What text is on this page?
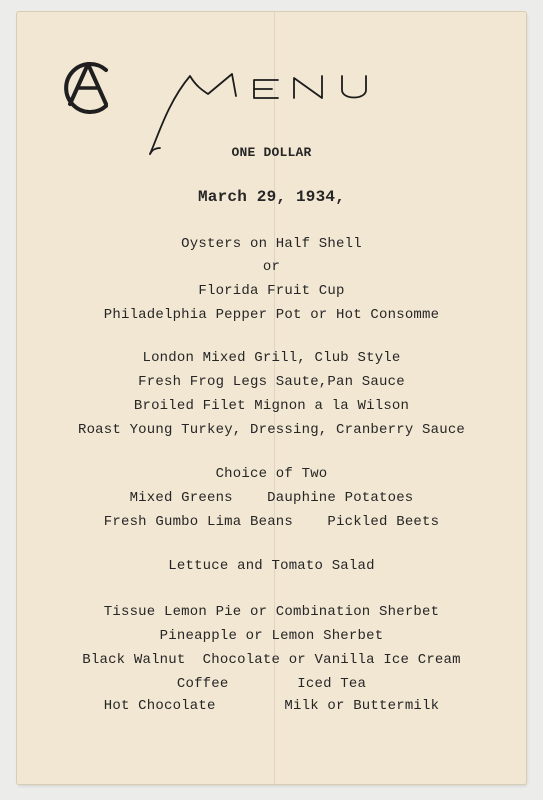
ONE DOLLAR
March 29, 1934,
Oysters on Half Shell
or
Florida Fruit Cup
Philadelphia Pepper Pot or Hot Consomme
London Mixed Grill, Club Style
Fresh Frog Legs Saute,Pan Sauce
Broiled Filet Mignon a la Wilson
Roast Young Turkey, Dressing, Cranberry Sauce
Choice of Two
Mixed Greens    Dauphine Potatoes
Fresh Gumbo Lima Beans    Pickled Beets
Lettuce and Tomato Salad
Tissue Lemon Pie or Combination Sherbet
Pineapple or Lemon Sherbet
Black Walnut  Chocolate or Vanilla Ice Cream
Coffee        Iced Tea
Hot Chocolate        Milk or Buttermilk
